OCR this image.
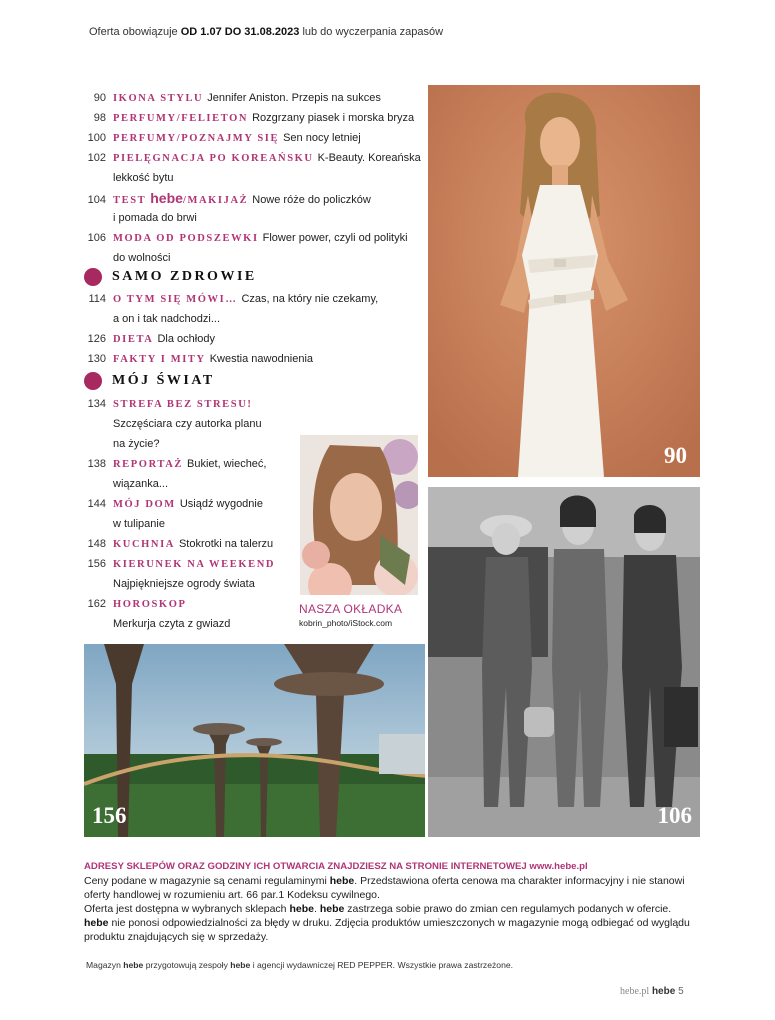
Oferta obowiązuje OD 1.07 DO 31.08.2023 lub do wyczerpania zapasów
90 IKONA STYLU Jennifer Aniston. Przepis na sukces
98 PERFUMY/FELIETON Rozgrzany piasek i morska bryza
100 PERFUMY/POZNAJMY SIĘ Sen nocy letniej
102 PIELĘGNACJA PO KOREAŃSKU K-Beauty. Koreańska
lekkość bytu
104 TEST hebe/MAKIJAŻ Nowe róże do policzków
i pomada do brwi
106 MODA OD PODSZEWKI Flower power, czyli od polityki
do wolności
SAMO ZDROWIE
114 O TYM SIĘ MÓWI… Czas, na który nie czekamy,
a on i tak nadchodzi...
126 DIETA Dla ochłody
130 FAKTY I MITY Kwestia nawodnienia
MÓJ ŚWIAT
134 STREFA BEZ STRESU!
Szczęściara czy autorka planu
na życie?
138 REPORTAŻ Bukiet, wiecheć,
wiązanka...
144 MÓJ DOM Usiądź wygodnie
w tulipanie
148 KUCHNIA Stokrotki na talerzu
156 KIERUNEK NA WEEKEND
Najpiękniejsze ogrody świata
162 HOROSKOP
Merkurja czyta z gwiazd
90
NASZA OKŁADKA
kobrin_photo/iStock.com
106
156
ADRESY SKLEPÓW ORAZ GODZINY ICH OTWARCIA ZNAJDZIESZ NA STRONIE INTERNETOWEJ www.hebe.pl
Ceny podane w magazynie są cenami regulaminymi hebe. Przedstawiona oferta cenowa ma charakter informacyjny i nie stanowi oferty handlowej w rozumieniu art. 66 par.1 Kodeksu cywilnego.
Oferta jest dostępna w wybranych sklepach hebe. hebe zastrzega sobie prawo do zmian cen regulamych podanych w ofercie.
hebe nie ponosi odpowiedzialności za błędy w druku. Zdjęcia produktów umieszczonych w magazynie mogą odbiegać od wyglądu produktu znajdujących się w sprzedaży.
Magazyn hebe przygotowują zespoły hebe i agencji wydawniczej RED PEPPER. Wszystkie prawa zastrzeżone.
hebe.pl hebe 5
